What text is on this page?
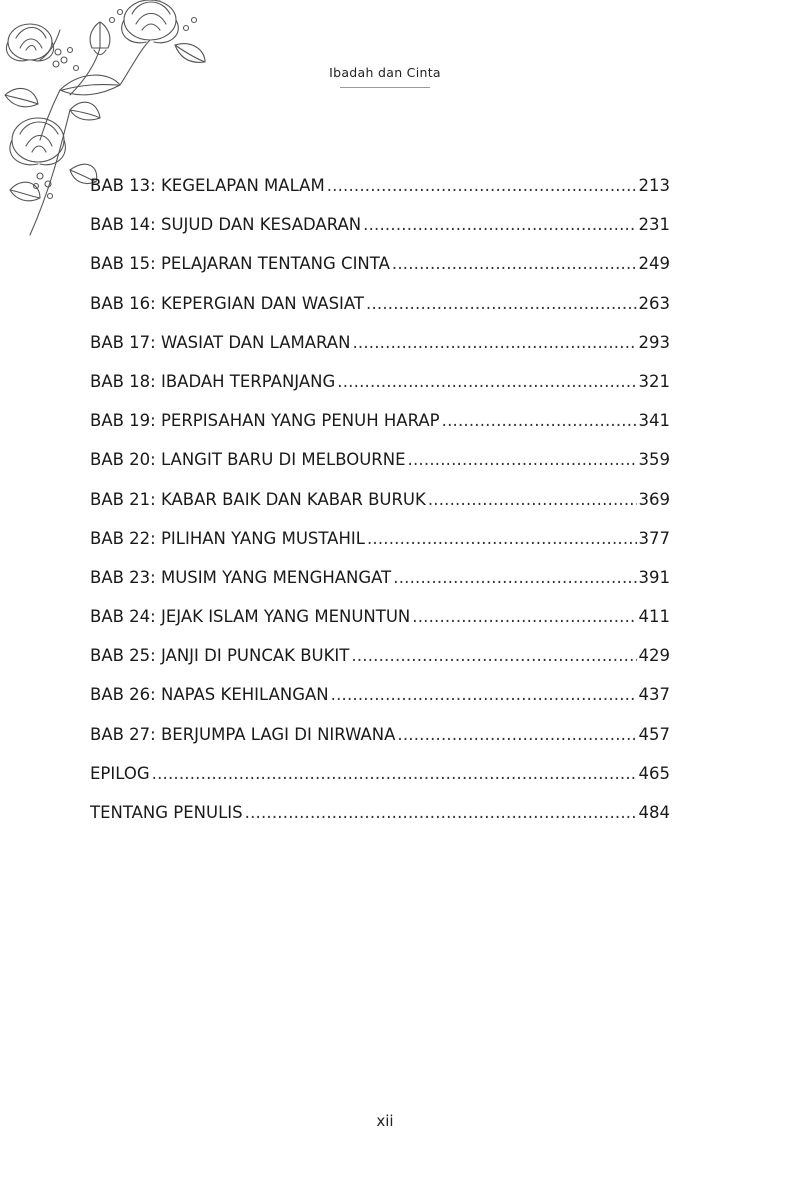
Ibadah dan Cinta
BAB 13: KEGELAPAN MALAM .....	213
BAB 14: SUJUD DAN KESADARAN .....	231
BAB 15: PELAJARAN TENTANG CINTA .....	249
BAB 16: KEPERGIAN DAN WASIAT .....	263
BAB 17: WASIAT DAN LAMARAN .....	293
BAB 18: IBADAH TERPANJANG .....	321
BAB 19: PERPISAHAN YANG PENUH HARAP .....	341
BAB 20: LANGIT BARU DI MELBOURNE .....	359
BAB 21: KABAR BAIK DAN KABAR BURUK .....	369
BAB 22: PILIHAN YANG MUSTAHIL .....	377
BAB 23: MUSIM YANG MENGHANGAT .....	391
BAB 24: JEJAK ISLAM YANG MENUNTUN .....	411
BAB 25: JANJI DI PUNCAK BUKIT .....	429
BAB 26: NAPAS KEHILANGAN .....	437
BAB 27: BERJUMPA LAGI DI NIRWANA .....	457
EPILOG .....	465
TENTANG PENULIS .....	484
xii
